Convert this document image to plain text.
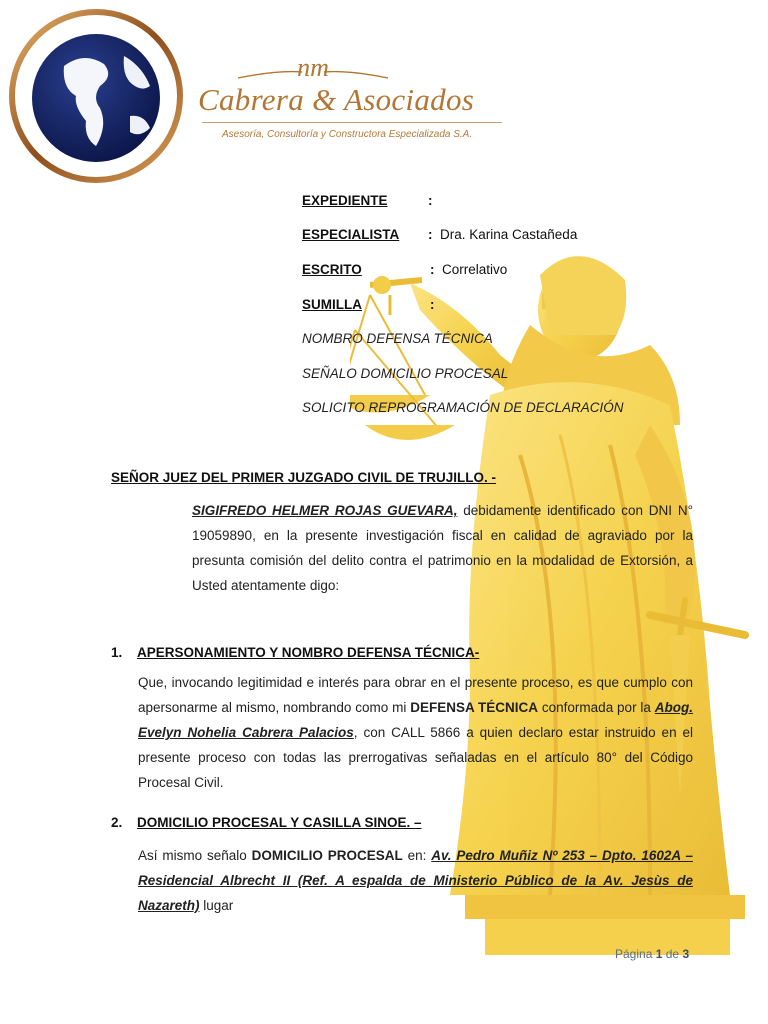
nm
Cabrera & Asociados
Asesoría, Consultoría y Constructora Especializada S.A.
EXPEDIENTE	:
ESPECIALISTA : Dra. Karina Castañeda
ESCRITO	: Correlativo
SUMILLA	:
NOMBRO DEFENSA TÉCNICA
SEÑALO DOMICILIO PROCESAL
SOLICITO REPROGRAMACIÓN DE DECLARACIÓN
SEÑOR JUEZ DEL PRIMER JUZGADO CIVIL DE TRUJILLO. -
SIGIFREDO HELMER ROJAS GUEVARA, debidamente identificado con DNI N° 19059890, en la presente investigación fiscal en calidad de agraviado por la presunta comisión del delito contra el patrimonio en la modalidad de Extorsión, a Usted atentamente digo:
1. APERSONAMIENTO Y NOMBRO DEFENSA TÉCNICA-
Que, invocando legitimidad e interés para obrar en el presente proceso, es que cumplo con apersonarme al mismo, nombrando como mi DEFENSA TÉCNICA conformada por la Abog. Evelyn Nohelia Cabrera Palacios, con CALL 5866 a quien declaro estar instruido en el presente proceso con todas las prerrogativas señaladas en el artículo 80° del Código Procesal Civil.
2. DOMICILIO PROCESAL Y CASILLA SINOE. –
Así mismo señalo DOMICILIO PROCESAL en: Av. Pedro Muñiz Nº 253 – Dpto. 1602A – Residencial Albrecht II (Ref. A espalda de Ministerio Público de la Av. Jesùs de Nazareth) lugar
Página 1 de 3
